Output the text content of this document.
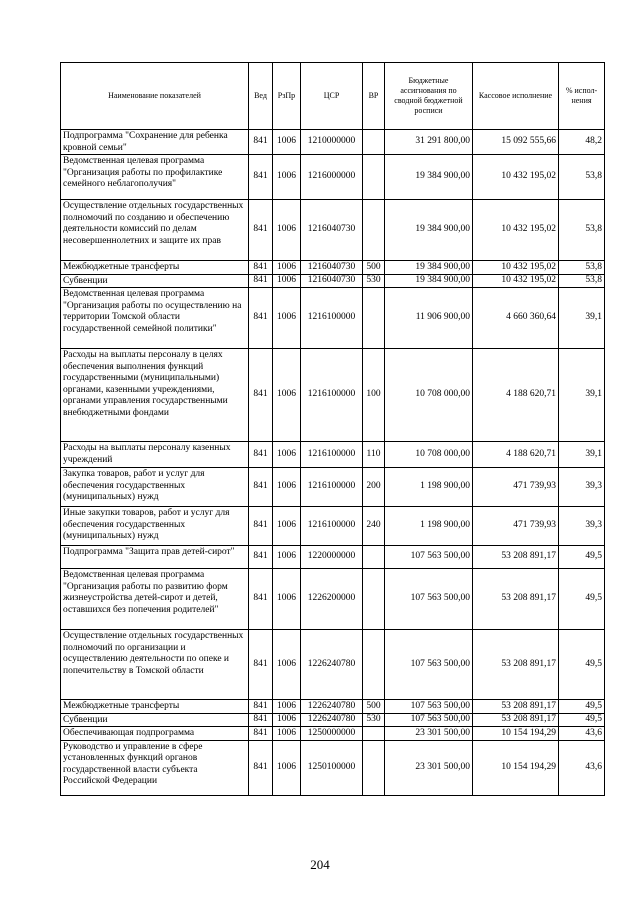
Наименование показателей	Вед	РзПр	ЦСР	ВР	Бюджетные ассигнования по сводной бюджетной росписи	Кассовое исполнение	% испол-нения
Подпрограмма "Сохранение для ребенка кровной семьи"	841	1006	1210000000		31 291 800,00	15 092 555,66	48,2
Ведомственная целевая программа "Организация работы по профилактике семейного неблагополучия"	841	1006	1216000000		19 384 900,00	10 432 195,02	53,8
Осуществление отдельных государственных полномочий по созданию и обеспечению деятельности комиссий по делам несовершеннолетних и защите их прав	841	1006	1216040730		19 384 900,00	10 432 195,02	53,8
Межбюджетные трансферты	841	1006	1216040730	500	19 384 900,00	10 432 195,02	53,8
Субвенции	841	1006	1216040730	530	19 384 900,00	10 432 195,02	53,8
Ведомственная целевая программа "Организация работы по осуществлению на территории Томской области государственной семейной политики"	841	1006	1216100000		11 906 900,00	4 660 360,64	39,1
Расходы на выплаты персоналу в целях обеспечения выполнения функций государственными (муниципальными) органами, казенными учреждениями, органами управления государственными внебюджетными фондами	841	1006	1216100000	100	10 708 000,00	4 188 620,71	39,1
Расходы на выплаты персоналу казенных учреждений	841	1006	1216100000	110	10 708 000,00	4 188 620,71	39,1
Закупка товаров, работ и услуг для обеспечения государственных (муниципальных) нужд	841	1006	1216100000	200	1 198 900,00	471 739,93	39,3
Иные закупки товаров, работ и услуг для обеспечения государственных (муниципальных) нужд	841	1006	1216100000	240	1 198 900,00	471 739,93	39,3
Подпрограмма "Защита прав детей-сирот"	841	1006	1220000000		107 563 500,00	53 208 891,17	49,5
Ведомственная целевая программа "Организация работы по развитию форм жизнеустройства детей-сирот и детей, оставшихся без попечения родителей"	841	1006	1226200000		107 563 500,00	53 208 891,17	49,5
Осуществление отдельных государственных полномочий по организации и осуществлению деятельности по опеке и попечительству в Томской области	841	1006	1226240780		107 563 500,00	53 208 891,17	49,5
Межбюджетные трансферты	841	1006	1226240780	500	107 563 500,00	53 208 891,17	49,5
Субвенции	841	1006	1226240780	530	107 563 500,00	53 208 891,17	49,5
Обеспечивающая подпрограмма	841	1006	1250000000		23 301 500,00	10 154 194,29	43,6
Руководство и управление в сфере установленных функций органов государственной власти субъекта Российской Федерации	841	1006	1250100000		23 301 500,00	10 154 194,29	43,6
204
